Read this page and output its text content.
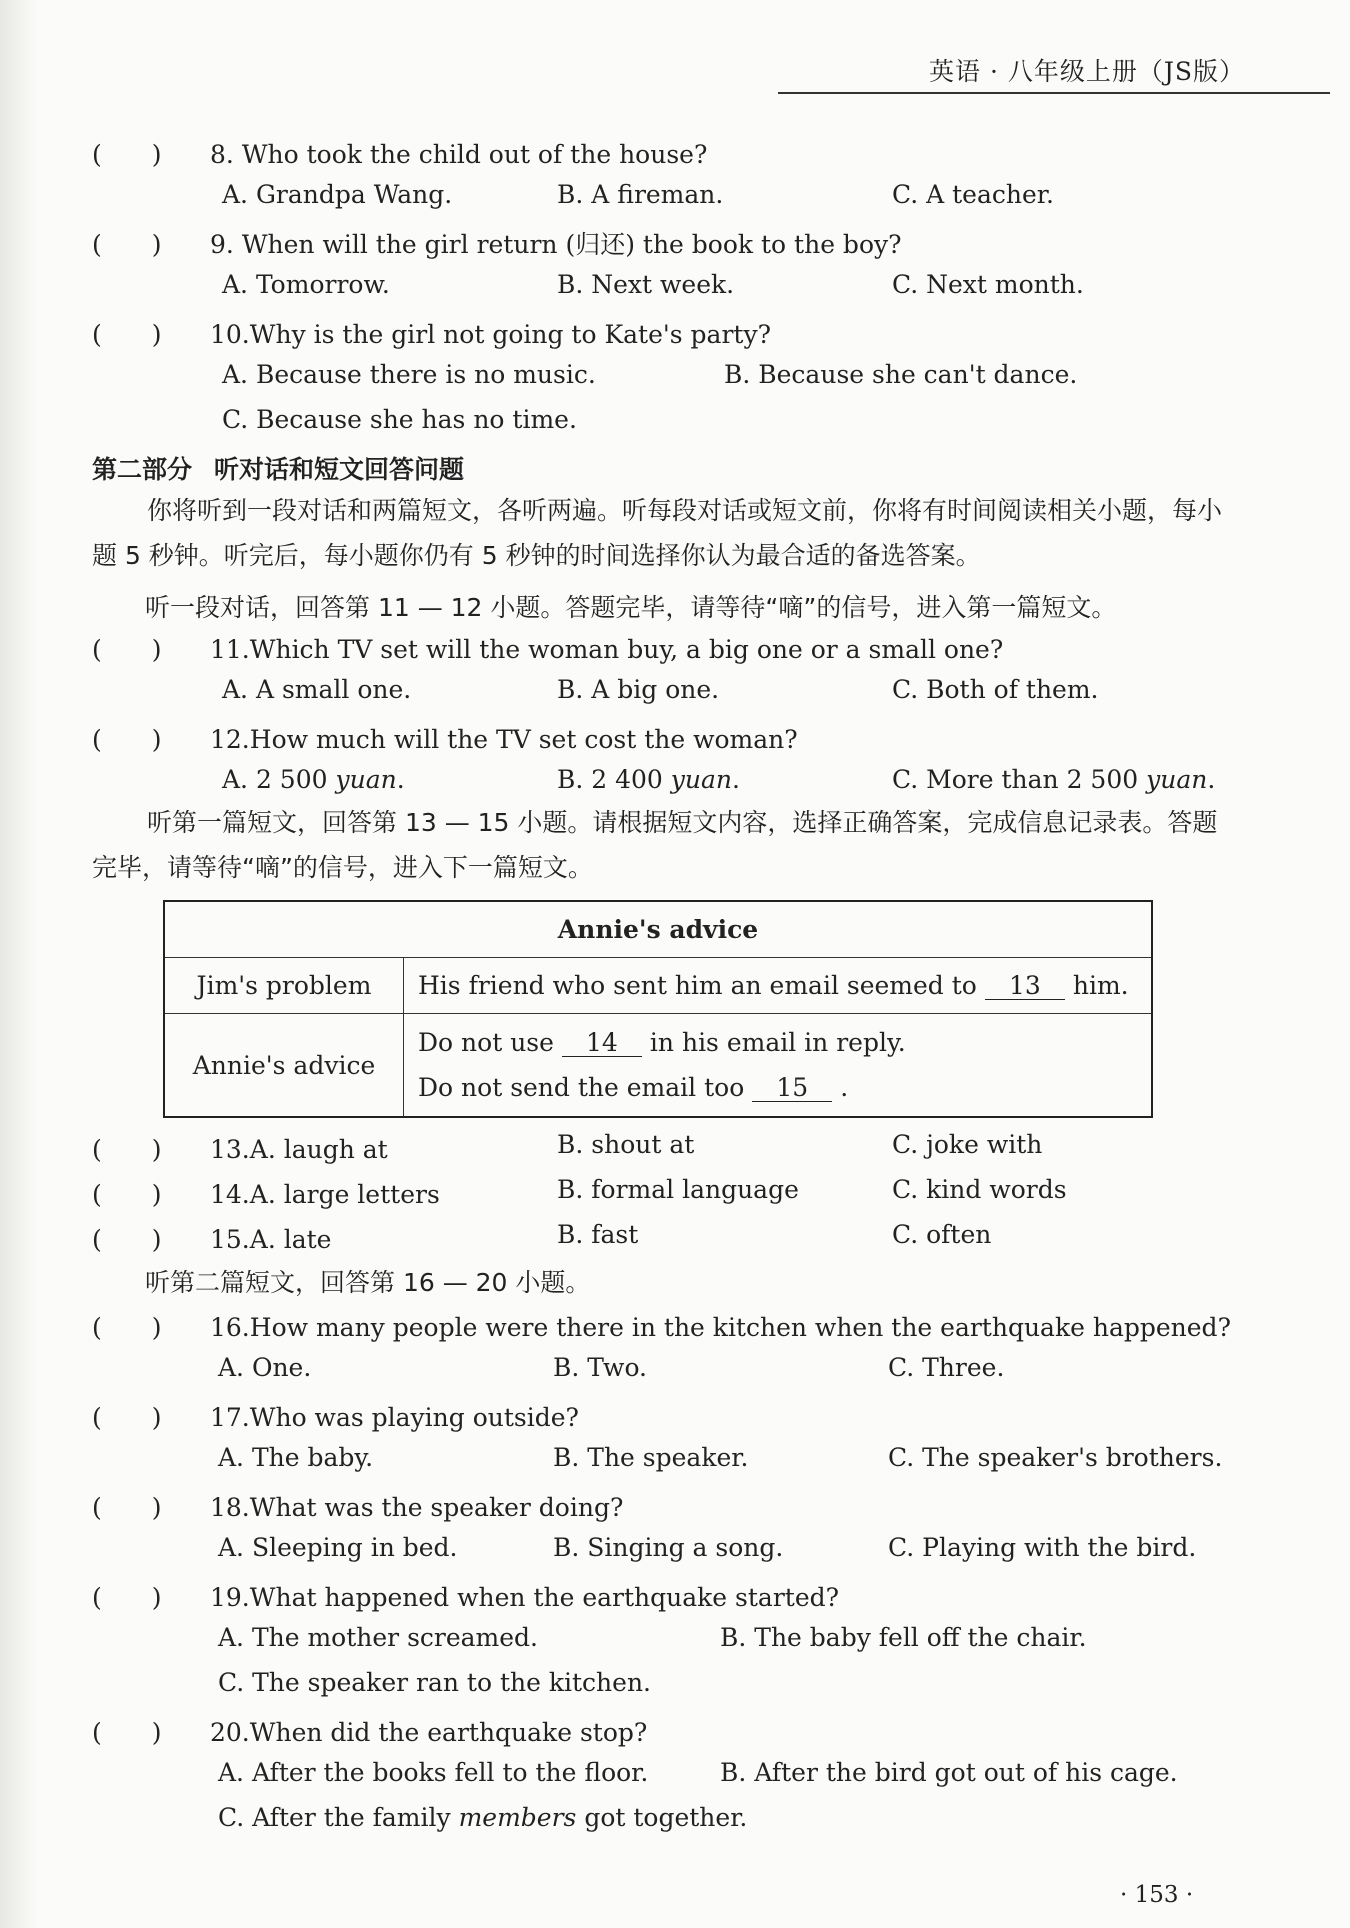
英语 · 八年级上册（JS版）
(　　) 8. Who took the child out of the house?
A. Grandpa Wang.	B. A fireman.	C. A teacher.
(　　) 9. When will the girl return (归还) the book to the boy?
A. Tomorrow.	B. Next week.	C. Next month.
(　　) 10.Why is the girl not going to Kate's party?
A. Because there is no music.	B. Because she can't dance.
C. Because she has no time.
第二部分 听对话和短文回答问题
你将听到一段对话和两篇短文，各听两遍。听每段对话或短文前，你将有时间阅读相关小题，每小题 5 秒钟。听完后，每小题你仍有 5 秒钟的时间选择你认为最合适的备选答案。
听一段对话，回答第 11 — 12 小题。答题完毕，请等待“嘀”的信号，进入第一篇短文。
(　　) 11.Which TV set will the woman buy, a big one or a small one?
A. A small one.	B. A big one.	C. Both of them.
(　　) 12.How much will the TV set cost the woman?
A. 2 500 yuan.	B. 2 400 yuan.	C. More than 2 500 yuan.
听第一篇短文，回答第 13 — 15 小题。请根据短文内容，选择正确答案，完成信息记录表。答题完毕，请等待“嘀”的信号，进入下一篇短文。
Annie's advice	
Jim's problem	His friend who sent him an email seemed to 13 him.
Annie's advice	Do not use 14 in his email in reply.
Do not send the email too 15 .
(　　) 13.A. laugh at	B. shout at	C. joke with
(　　) 14.A. large letters	B. formal language	C. kind words
(　　) 15.A. late	B. fast	C. often
听第二篇短文，回答第 16 — 20 小题。
(　　) 16.How many people were there in the kitchen when the earthquake happened?
A. One.	B. Two.	C. Three.
(　　) 17.Who was playing outside?
A. The baby.	B. The speaker.	C. The speaker's brothers.
(　　) 18.What was the speaker doing?
A. Sleeping in bed.	B. Singing a song.	C. Playing with the bird.
(　　) 19.What happened when the earthquake started?
A. The mother screamed.	B. The baby fell off the chair.
C. The speaker ran to the kitchen.
(　　) 20.When did the earthquake stop?
A. After the books fell to the floor.	B. After the bird got out of his cage.
C. After the family members got together.
· 153 ·
